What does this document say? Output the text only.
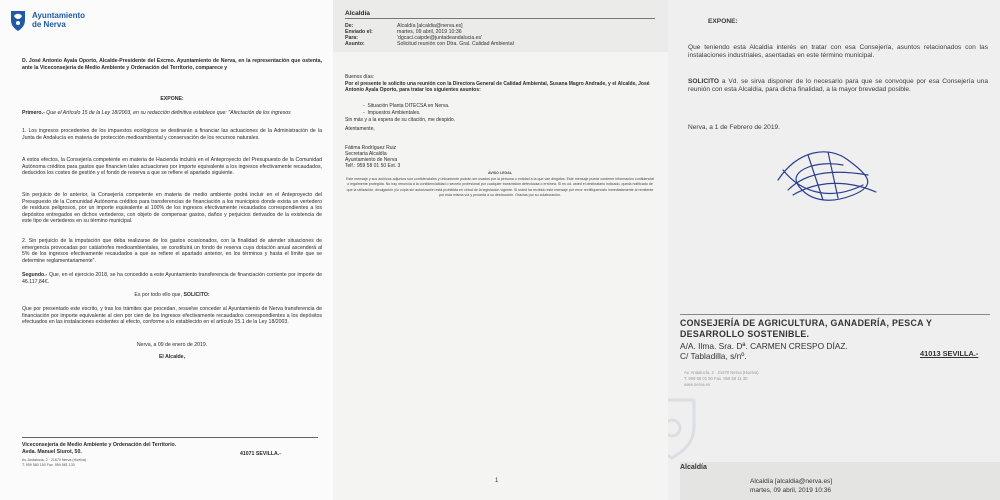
Ayuntamiento
de Nerva
D. José Antonio Ayala Oporto, Alcalde-Presidente del Excmo. Ayuntamiento de Nerva, en la representación que ostenta, ante la Viceconsejería de Medio Ambiente y Ordenación del Territorio, comparece y
EXPONE:
Primero.- Que el Artículo 15 de la Ley 18/2003, en su redacción definitiva establece que: "Afectación de los ingresos
1. Los ingresos procedentes de los impuestos ecológicos se destinarán a financiar las actuaciones de la Administración de la Junta de Andalucía en materia de protección medioambiental y conservación de los recursos naturales.
A estos efectos, la Consejería competente en materia de Hacienda incluirá en el Anteproyecto del Presupuesto de la Comunidad Autónoma créditos para gastos que financien tales actuaciones por importe equivalente a los ingresos efectivamente recaudados, deducidos los costes de gestión y el fondo de reserva a que se refiere el apartado siguiente.
Sin perjuicio de lo anterior, la Consejería competente en materia de medio ambiente podrá incluir en el Anteproyecto del Presupuesto de la Comunidad Autónoma créditos para transferencias de financiación a los municipios donde exista un vertedero de residuos peligrosos, por un importe equivalente al 100% de los ingresos efectivamente recaudados correspondientes a los depósitos entregados en dichos vertederos, con objeto de compensar gastos, daños y perjuicios derivados de la existencia de este tipo de vertederos en su término municipal.
2. Sin perjuicio de la imputación que deba realizarse de los gastos ocasionados, con la finalidad de atender situaciones de emergencia provocadas por catástrofes medioambientales, se constituirá un fondo de reserva cuya dotación anual ascenderá al 5% de los ingresos efectivamente recaudados a que se refiere el apartado anterior, en los términos y hasta el límite que se determine reglamentariamente".
Segundo.- Que, en el ejercicio 2018, se ha concedido a este Ayuntamiento transferencia de financiación corriente por importe de 46.117,84€.
Es por todo ello que, SOLICITO:
Que por presentado este escrito, y tras los trámites que procedan, resuelve conceder al Ayuntamiento de Nerva transferencia de financiación por importe equivalente al cien por cien de los ingresos efectivamente recaudados correspondientes a los depósitos efectuados en las instalaciones existentes al efecto, conforme a lo establecido en el artículo 15.1 de la Ley 18/2003.
Nerva, a 09 de enero de 2019.
El Alcalde,
Viceconsejería de Medio Ambiente y Ordenación del Territorio.
Avda. Manuel Siurot, 50.	41071 SEVILLA.-
Av. Andalucía, 2 · 21670 Nerva (Huelva)
T. 959 580 150 Fax. 959 581 130
Alcaldía
De:	Alcaldía [alcaldia@nerva.es]
Enviado el:	martes, 09 abril, 2019 10:36
Para:	'dgcaci.caipde@juntadeandalucia.es'
Asunto:	Solicitud reunión con Dtra. Gral. Calidad Ambiental
Buenos días:
Por el presente le solicito una reunión con la Directora General de Calidad Ambiental, Susana Magro Andrade, y el Alcalde, José Antonio Ayala Oporto, para tratar los siguientes asuntos:
-  Situación Planta DITECSA en Nerva.
-  Impuestos Ambientales.
Sin más y a la espera de su citación, me despido.
Atentamente,
Fátima Rodríguez Ruiz
Secretaria Alcaldía
Ayuntamiento de Nerva
Telf.: 959 58 01 50 Ext. 3
AVISO LEGAL
Este mensaje y sus archivos adjuntos son confidenciales y únicamente podrán ser usados por la persona o entidad a la que van dirigidos. Este mensaje puede contener información confidencial o legalmente protegida. No hay renuncia a la confidencialidad o secreto profesional por cualquier transmisión defectuosa o errónea. Si es ud. usted el destinatario indicado, queda notificado de que la utilización, divulgación y/o copia sin autorización está prohibida en virtud de la legislación vigente. Si usted ha recibido este mensaje por error rectifíquenoslo inmediatamente al remitente por esta misma vía y proceda a su destrucción. Gracias por su colaboración.
1
EXPONE:
Que teniendo esta Alcaldía interés en tratar con esa Consejería, asuntos relacionados con las instalaciones industriales, asentadas en este término municipal.
SOLICITO a Vd. se sirva disponer de lo necesario para que se convoque por esa Consejería una reunión con esta Alcaldía, para dicha finalidad, a la mayor brevedad posible.
Nerva, a 1 de Febrero de 2019.
CONSEJERÍA DE AGRICULTURA, GANADERÍA, PESCA Y DESARROLLO SOSTENIBLE.
A/A. Ilma. Sra. Dª. CARMEN CRESPO DÍAZ.
C/ Tabladilla, s/nº.	41013 SEVILLA.-
Av. Andalucía, 2 · 21670 Nerva (Huelva)
T. 959 58 01 50 Fax. 959 58 11 30
www.nerva.es
Alcaldía
Alcaldía [alcaldia@nerva.es]
martes, 09 abril, 2019 10:36
